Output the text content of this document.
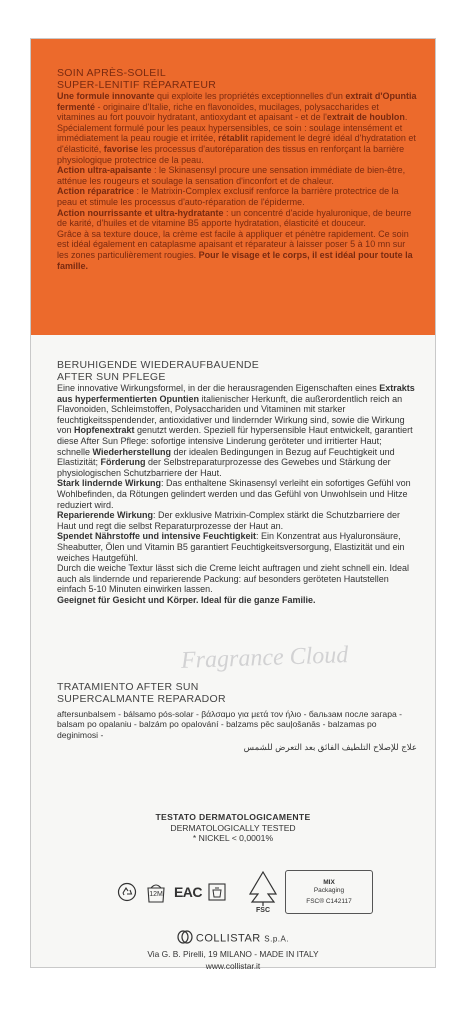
SOIN APRÈS-SOLEIL
SUPER-LENITIF RÉPARATEUR

Une formule innovante qui exploite les propriétés exceptionnelles d'un extrait d'Opuntia fermenté - originaire d'Italie, riche en flavonoïdes, mucilages, polysaccharides et vitamines au fort pouvoir hydratant, antioxydant et apaisant - et de l'extrait de houblon. Spécialement formulé pour les peaux hypersensibles, ce soin : soulage intensément et immédiatement la peau rougie et irritée, rétablit rapidement le degré idéal d'hydratation et d'élasticité, favorise les processus d'autoréparation des tissus en renforçant la barrière physiologique protectrice de la peau.

Action ultra-apaisante : le Skinasensyl procure une sensation immédiate de bien-être, atténue les rougeurs et soulage la sensation d'inconfort et de chaleur.

Action réparatrice : le Matrixin-Complex exclusif renforce la barrière protectrice de la peau et stimule les processus d'auto-réparation de l'épiderme.

Action nourrissante et ultra-hydratante : un concentré d'acide hyaluronique, de beurre de karité, d'huiles et de vitamine B5 apporte hydratation, élasticité et douceur.

Grâce à sa texture douce, la crème est facile à appliquer et pénètre rapidement. Ce soin est idéal également en cataplasme apaisant et réparateur à laisser poser 5 à 10 mn sur les zones particulièrement rougies. Pour le visage et le corps, il est idéal pour toute la famille.

BERUHIGENDE WIEDERAUFBAUENDE
AFTER SUN PFLEGE

Eine innovative Wirkungsformel, in der die herausragenden Eigenschaften eines Extrakts aus hyperfermentierten Opuntien italienischer Herkunft, die außerordentlich reich an Flavonoiden, Schleimstoffen, Polysacchariden und Vitaminen mit starker feuchtigkeitsspendender, antioxidativer und lindernder Wirkung sind, sowie die Wirkung von Hopfenextrakt genutzt werden. Speziell für hypersensible Haut entwickelt, garantiert diese After Sun Pflege: sofortige intensive Linderung geröteter und irritierter Haut; schnelle Wiederherstellung der idealen Bedingungen in Bezug auf Feuchtigkeit und Elastizität; Förderung der Selbstreparaturprozesse des Gewebes und Stärkung der physiologischen Schutzbarriere der Haut.

Stark lindernde Wirkung: Das enthaltene Skinasensyl verleiht ein sofortiges Gefühl von Wohlbefinden, da Rötungen gelindert werden und das Gefühl von Unwohlsein und Hitze reduziert wird.

Reparierende Wirkung: Der exklusive Matrixin-Complex stärkt die Schutzbarriere der Haut und regt die selbst Reparaturprozesse der Haut an.

Spendet Nährstoffe und intensive Feuchtigkeit: Ein Konzentrat aus Hyaluronsäure, Sheabutter, Ölen und Vitamin B5 garantiert Feuchtigkeitsversorgung, Elastizität und ein weiches Hautgefühl.

Durch die weiche Textur lässt sich die Creme leicht auftragen und zieht schnell ein. Ideal auch als lindernde und reparierende Packung: auf besonders geröteten Hautstellen einfach 5-10 Minuten einwirken lassen.

Geeignet für Gesicht und Körper. Ideal für die ganze Familie.

Fragrance Cloud
TRATAMIENTO AFTER SUN
SUPERCALMANTE REPARADOR

aftersunbalsem - bálsamo pós-solar - βάλσαμο για μετά τον ήλιο - бальзам после загара - balsam po opalaniu - balzám po opalování - balzams pēc sauļošanās - balzamas po deginimosi -

علاج للإصلاح التلطيف الفائق بعد التعرض للشمس

TESTATO DERMATOLOGICAMENTE
DERMATOLOGICALLY TESTED
* NICKEL < 0,0001%
12M EAC
FSC
MIX
Packaging
FSC® C142117
COLLISTAR S.p.A.
Via G. B. Pirelli, 19 MILANO - MADE IN ITALY
www.collistar.it
